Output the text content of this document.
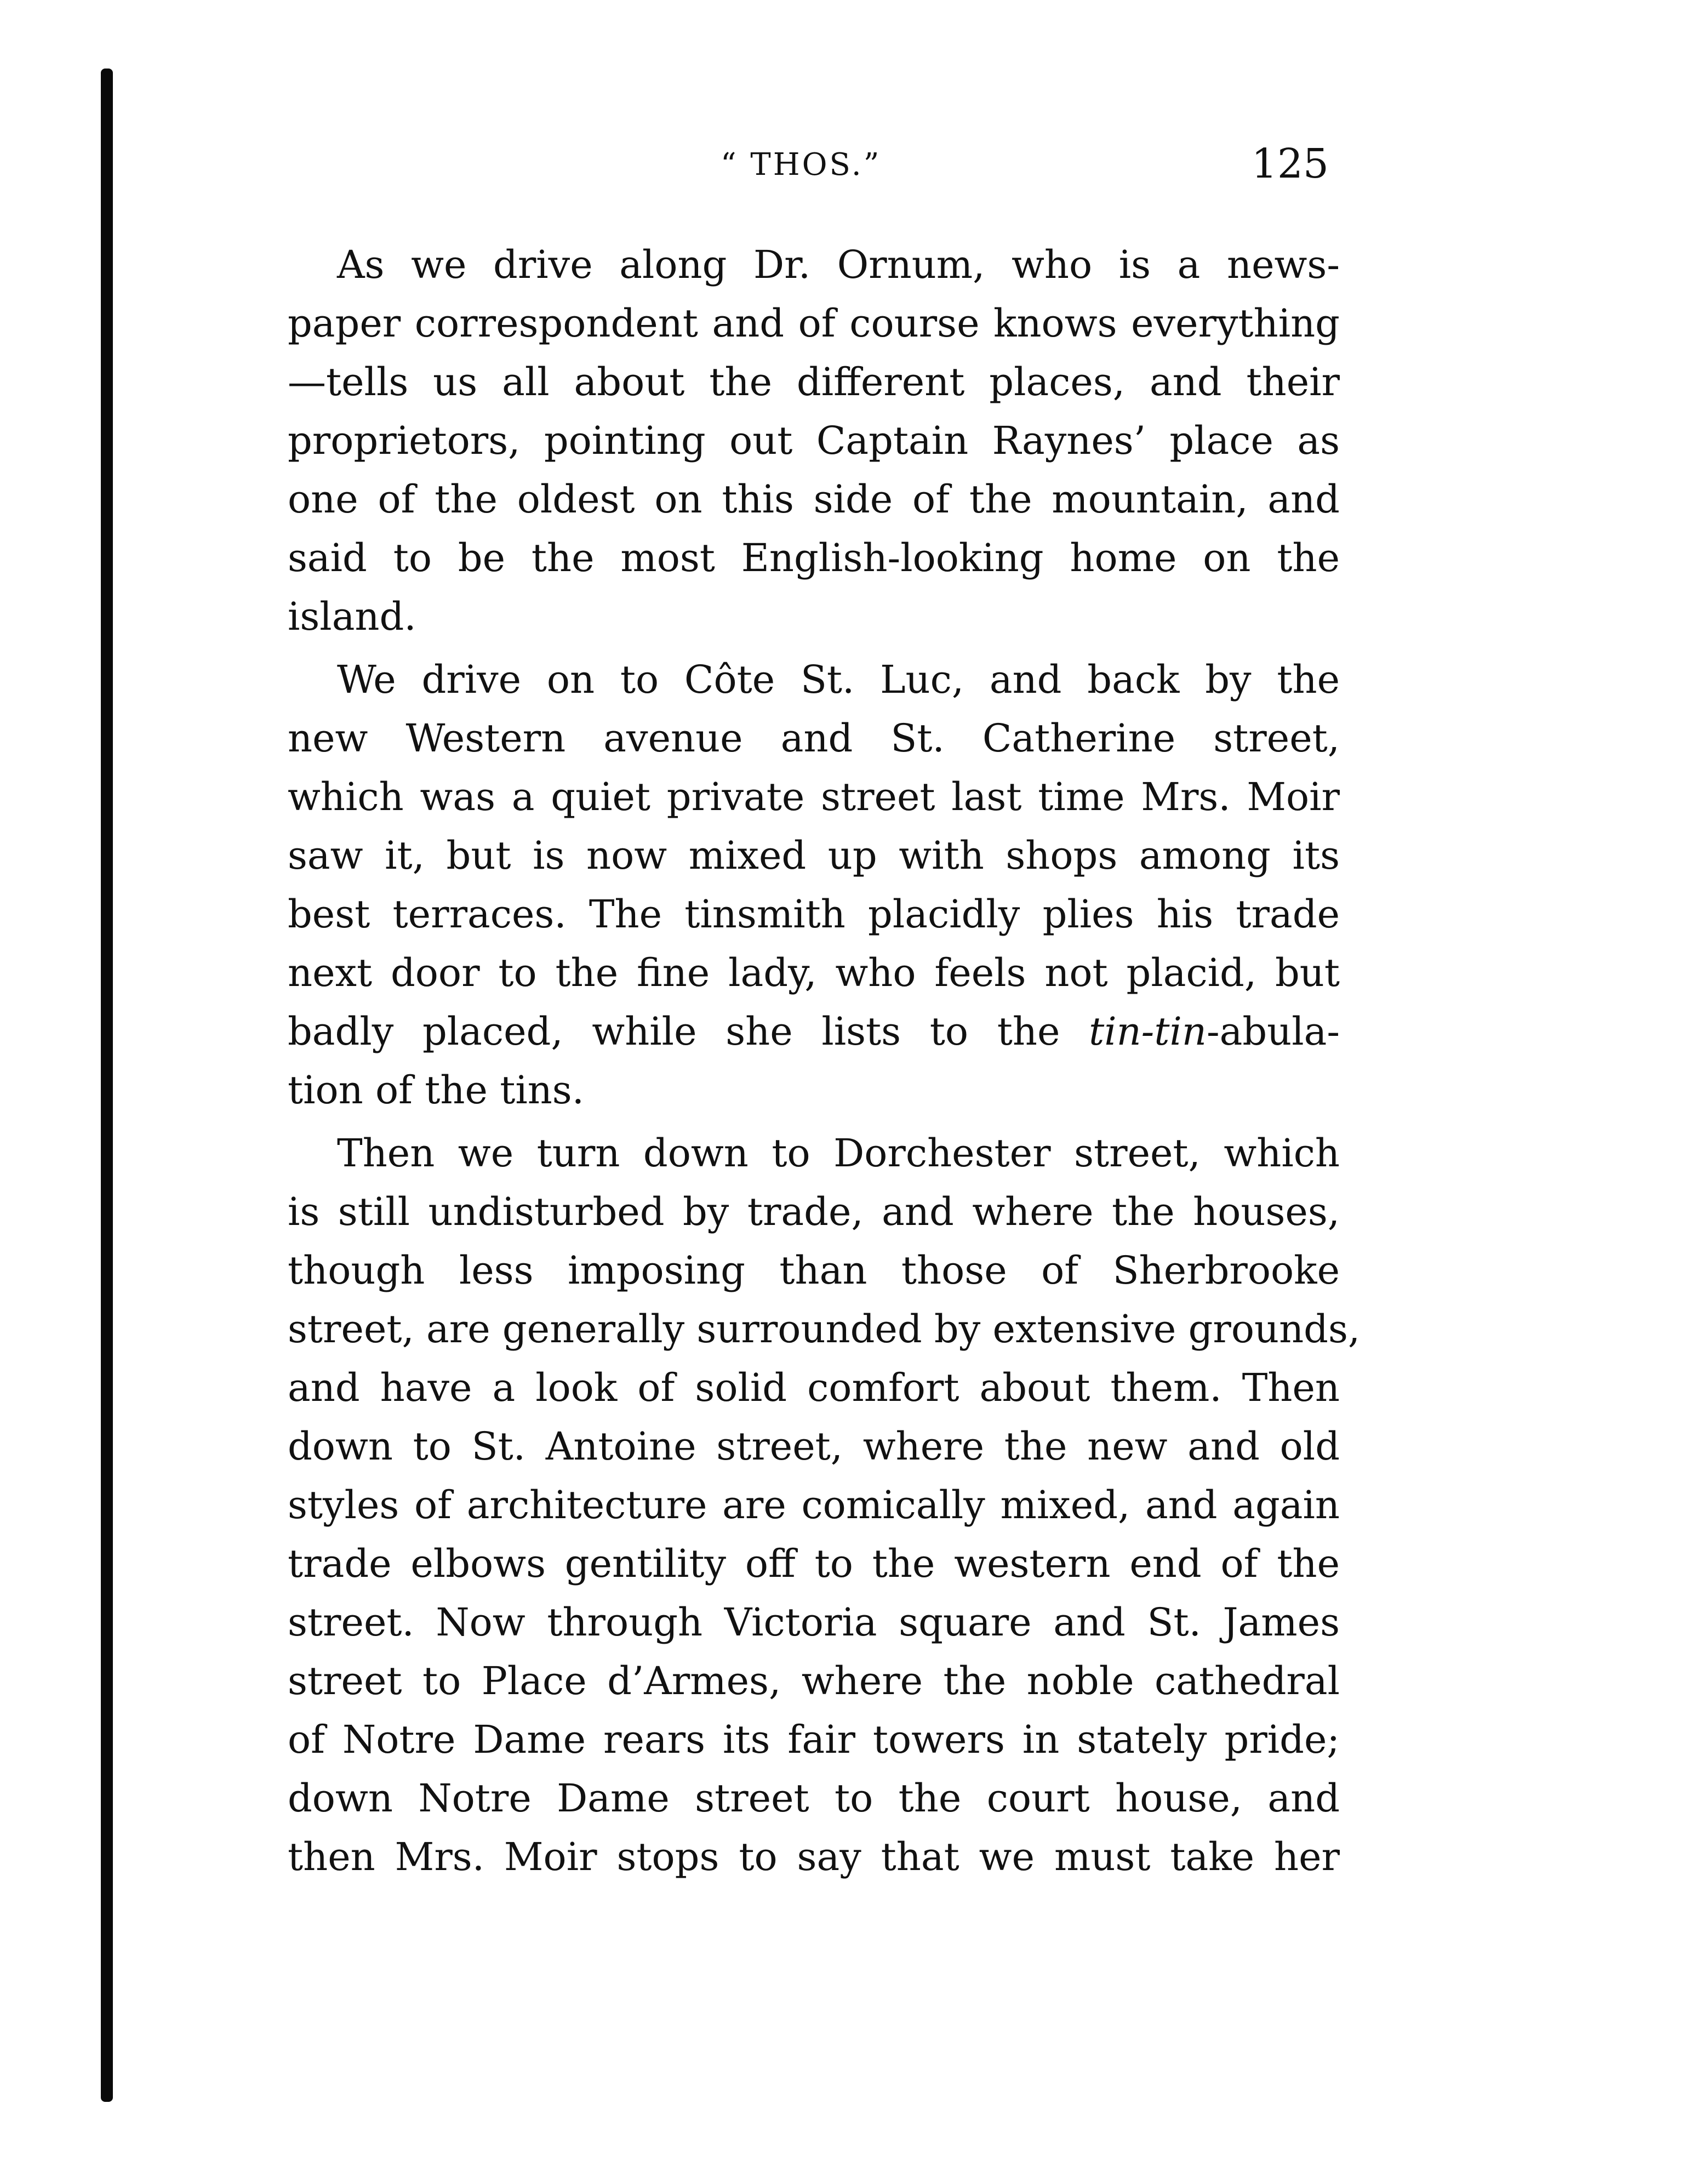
“ THOS.”	125
As we drive along Dr. Ornum, who is a news-
paper correspondent and of course knows everything
—tells us all about the different places, and their
proprietors, pointing out Captain Raynes’ place as
one of the oldest on this side of the mountain, and
said to be the most English-looking home on the
island.
We drive on to Côte St. Luc, and back by the
new Western avenue and St. Catherine street,
which was a quiet private street last time Mrs. Moir
saw it, but is now mixed up with shops among its
best terraces. The tinsmith placidly plies his trade
next door to the fine lady, who feels not placid, but
badly placed, while she lists to the tin-tin-abula-
tion of the tins.
Then we turn down to Dorchester street, which
is still undisturbed by trade, and where the houses,
though less imposing than those of Sherbrooke
street, are generally surrounded by extensive grounds,
and have a look of solid comfort about them. Then
down to St. Antoine street, where the new and old
styles of architecture are comically mixed, and again
trade elbows gentility off to the western end of the
street. Now through Victoria square and St. James
street to Place d’Armes, where the noble cathedral
of Notre Dame rears its fair towers in stately pride;
down Notre Dame street to the court house, and
then Mrs. Moir stops to say that we must take her
